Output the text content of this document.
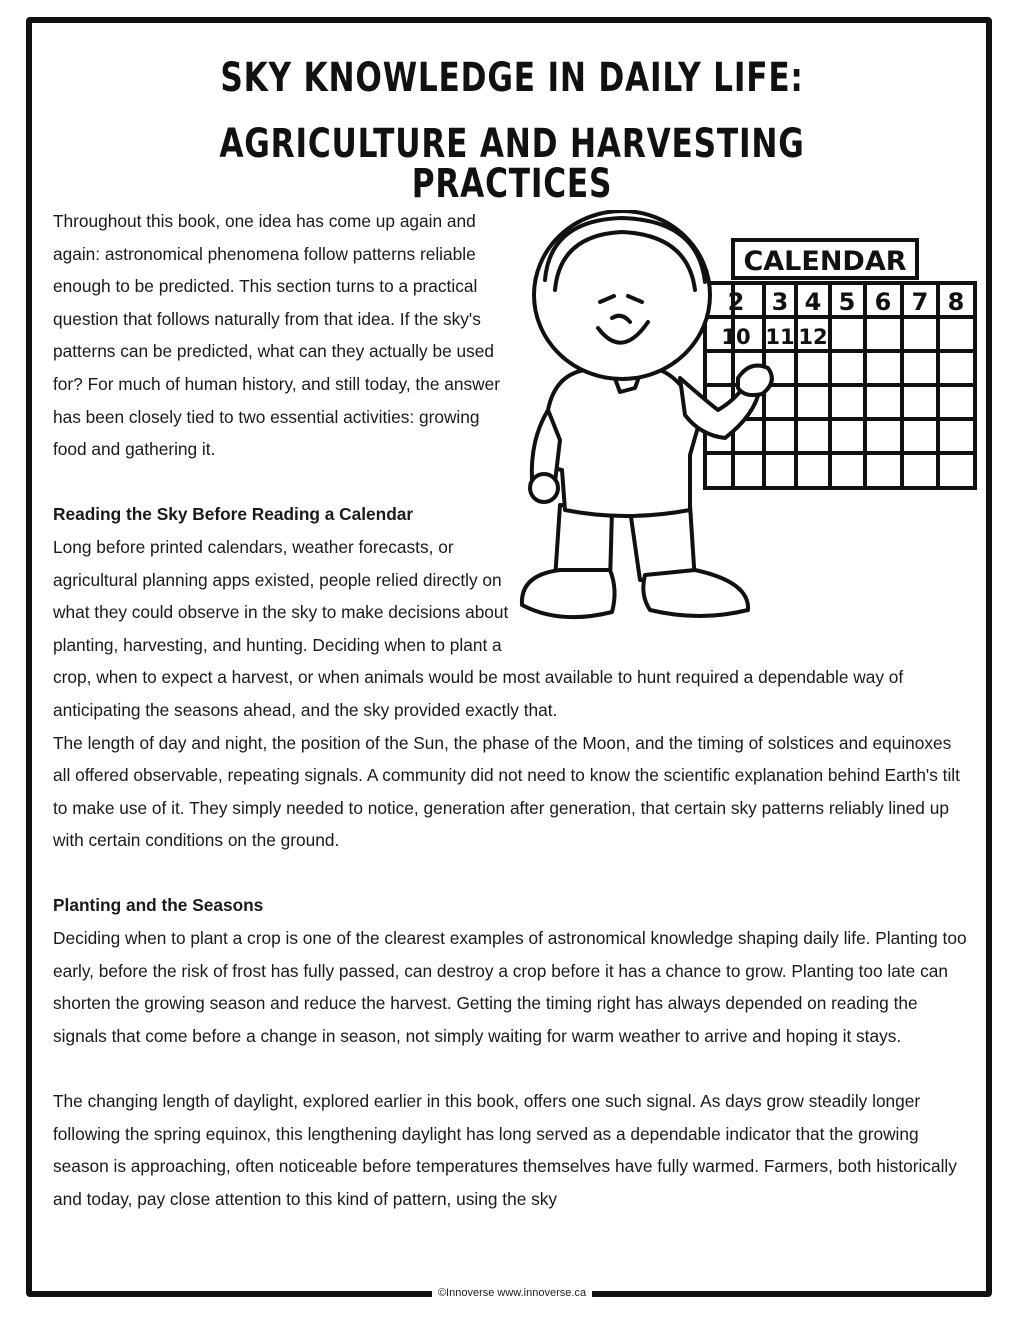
SKY KNOWLEDGE IN DAILY LIFE:
AGRICULTURE AND HARVESTING PRACTICES

Throughout this book, one idea has come up again and again: astronomical phenomena follow patterns reliable enough to be predicted. This section turns to a practical question that follows naturally from that idea. If the sky's patterns can be predicted, what can they actually be used for? For much of human history, and still today, the answer has been closely tied to two essential activities: growing food and gathering it.

Reading the Sky Before Reading a Calendar

Long before printed calendars, weather forecasts, or agricultural planning apps existed, people relied directly on what they could observe in the sky to make decisions about planting, harvesting, and hunting. Deciding when to plant a crop, when to expect a harvest, or when animals would be most available to hunt required a dependable way of anticipating the seasons ahead, and the sky provided exactly that.

The length of day and night, the position of the Sun, the phase of the Moon, and the timing of solstices and equinoxes all offered observable, repeating signals. A community did not need to know the scientific explanation behind Earth's tilt to make use of it. They simply needed to notice, generation after generation, that certain sky patterns reliably lined up with certain conditions on the ground.

Planting and the Seasons

Deciding when to plant a crop is one of the clearest examples of astronomical knowledge shaping daily life. Planting too early, before the risk of frost has fully passed, can destroy a crop before it has a chance to grow. Planting too late can shorten the growing season and reduce the harvest. Getting the timing right has always depended on reading the signals that come before a change in season, not simply waiting for warm weather to arrive and hoping it stays.

The changing length of daylight, explored earlier in this book, offers one such signal. As days grow steadily longer following the spring equinox, this lengthening daylight has long served as a dependable indicator that the growing season is approaching, often noticeable before temperatures themselves have fully warmed. Farmers, both historically and today, pay close attention to this kind of pattern, using the sky

CALENDAR
2 3 4 5 6 7 8
10 11 12
©Innoverse www.innoverse.ca
